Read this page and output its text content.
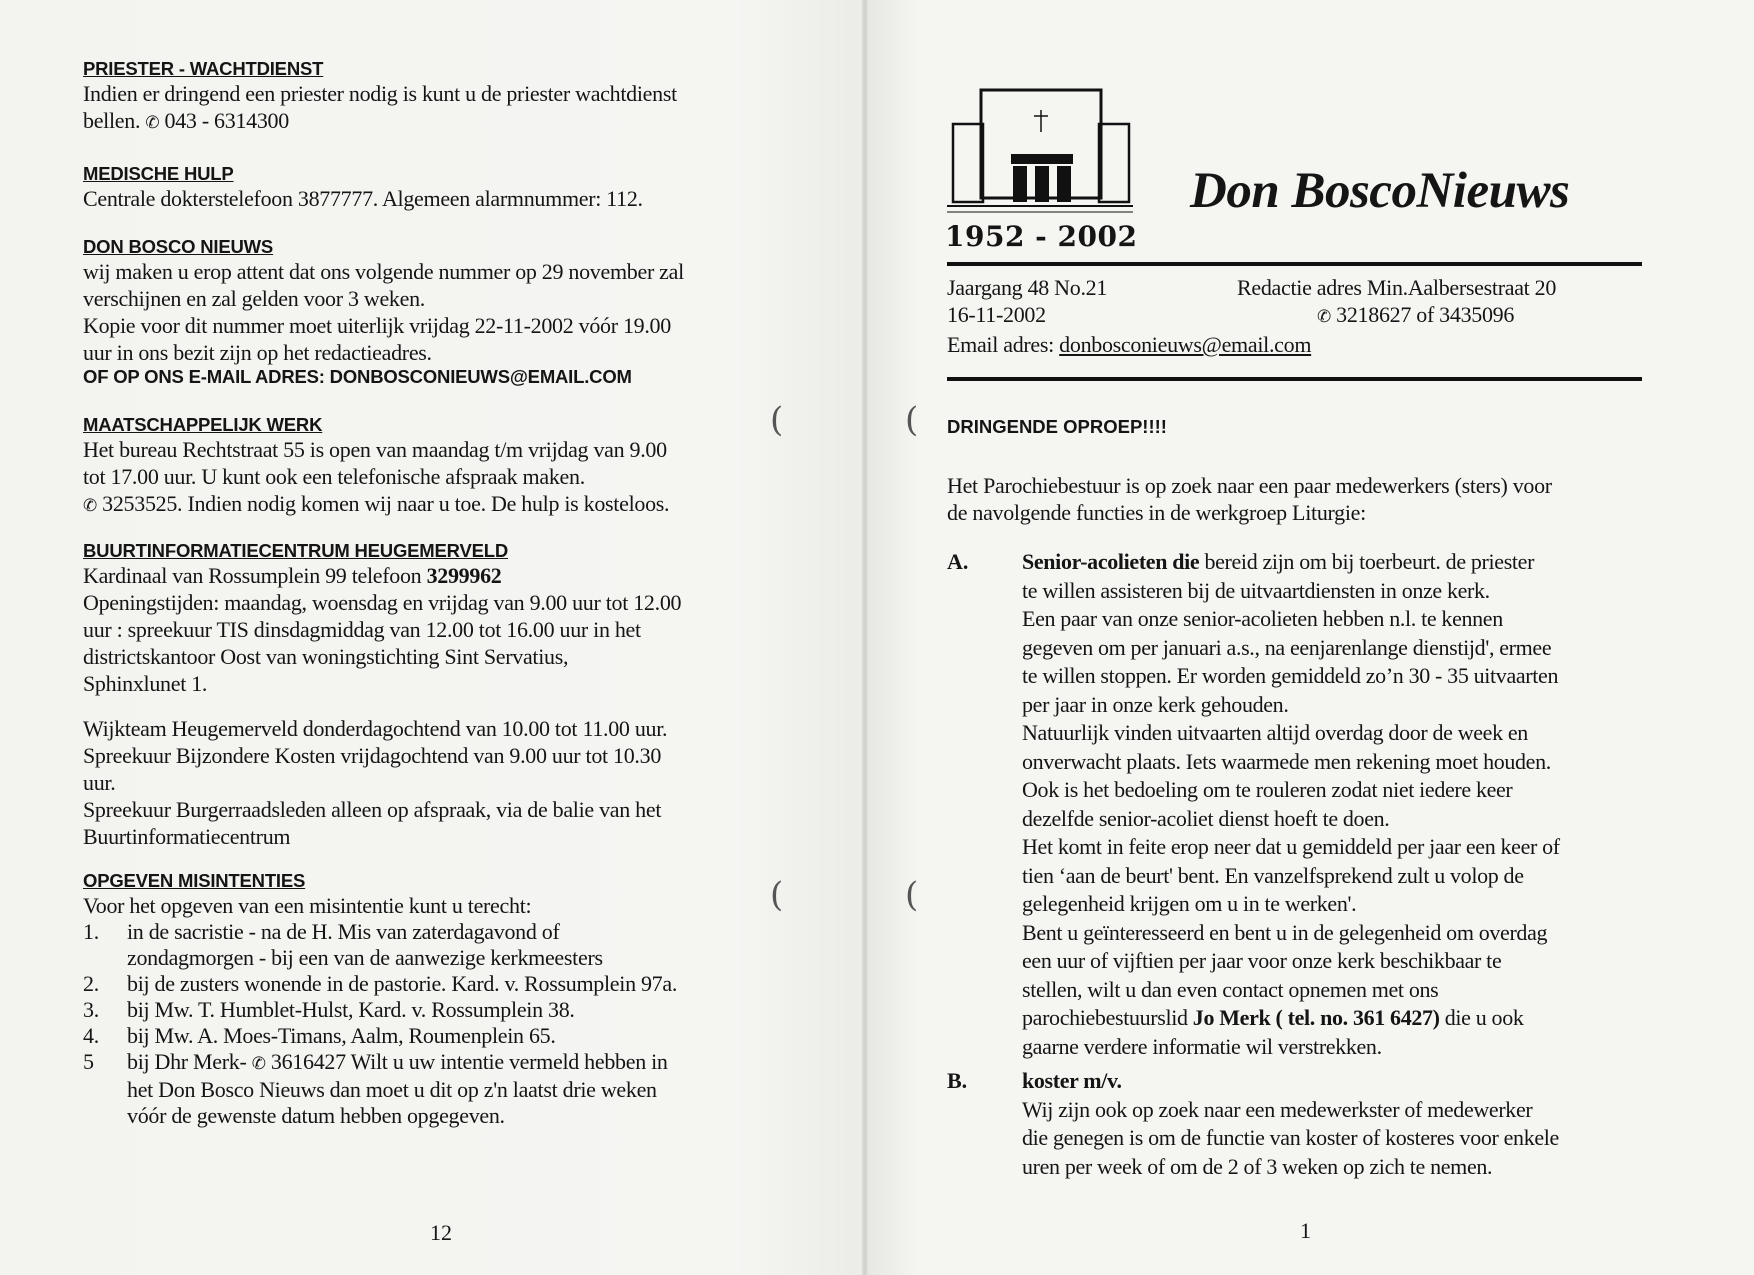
(
(
(
(
PRIESTER - WACHTDIENST
Indien er dringend een priester nodig is kunt u de priester wachtdienst
bellen. ✆ 043 - 6314300
MEDISCHE HULP
Centrale dokterstelefoon 3877777. Algemeen alarmnummer: 112.
DON BOSCO NIEUWS
wij maken u erop attent dat ons volgende nummer op 29 november zal
verschijnen en zal gelden voor 3 weken.
Kopie voor dit nummer moet uiterlijk vrijdag 22-11-2002 vóór 19.00
uur in ons bezit zijn op het redactieadres.
OF OP ONS E-MAIL ADRES: DONBOSCONIEUWS@EMAIL.COM
MAATSCHAPPELIJK WERK
Het bureau Rechtstraat 55 is open van maandag t/m vrijdag van 9.00
tot 17.00 uur. U kunt ook een telefonische afspraak maken.
✆ 3253525. Indien nodig komen wij naar u toe. De hulp is kosteloos.
BUURTINFORMATIECENTRUM HEUGEMERVELD
Kardinaal van Rossumplein 99 telefoon 3299962
Openingstijden: maandag, woensdag en vrijdag van 9.00 uur tot 12.00
uur : spreekuur TIS dinsdagmiddag van 12.00 tot 16.00 uur in het
districtskantoor Oost van woningstichting Sint Servatius,
Sphinxlunet 1.
Wijkteam Heugemerveld donderdagochtend van 10.00 tot 11.00 uur.
Spreekuur Bijzondere Kosten vrijdagochtend van 9.00 uur tot 10.30
uur.
Spreekuur Burgerraadsleden alleen op afspraak, via de balie van het
Buurtinformatiecentrum
OPGEVEN MISINTENTIES
Voor het opgeven van een misintentie kunt u terecht:
1.	in de sacristie - na de H. Mis van zaterdagavond of
zondagmorgen - bij een van de aanwezige kerkmeesters
2.	bij de zusters wonende in de pastorie. Kard. v. Rossumplein 97a.
3.	bij Mw. T. Humblet-Hulst, Kard. v. Rossumplein 38.
4.	bij Mw. A. Moes-Timans, Aalm, Roumenplein 65.
5	bij Dhr Merk- ✆ 3616427 Wilt u uw intentie vermeld hebben in
het Don Bosco Nieuws dan moet u dit op z'n laatst drie weken
vóór de gewenste datum hebben opgegeven.
12
1952 - 2002
Don BoscoNieuws
Jaargang 48 No.21	Redactie adres Min.Aalbersestraat 20
16-11-2002	✆ 3218627 of 3435096
Email adres: donbosconieuws@email.com
DRINGENDE OPROEP!!!!
Het Parochiebestuur is op zoek naar een paar medewerkers (sters) voor
de navolgende functies in de werkgroep Liturgie:
A.	Senior-acolieten die bereid zijn om bij toerbeurt. de priester
te willen assisteren bij de uitvaartdiensten in onze kerk.
Een paar van onze senior-acolieten hebben n.l. te kennen
gegeven om per januari a.s., na eenjarenlange dienstijd', ermee
te willen stoppen. Er worden gemiddeld zo’n 30 - 35 uitvaarten
per jaar in onze kerk gehouden.
Natuurlijk vinden uitvaarten altijd overdag door de week en
onverwacht plaats. Iets waarmede men rekening moet houden.
Ook is het bedoeling om te rouleren zodat niet iedere keer
dezelfde senior-acoliet dienst hoeft te doen.
Het komt in feite erop neer dat u gemiddeld per jaar een keer of
tien ‘aan de beurt' bent. En vanzelfsprekend zult u volop de
gelegenheid krijgen om u in te werken'.
Bent u geïnteresseerd en bent u in de gelegenheid om overdag
een uur of vijftien per jaar voor onze kerk beschikbaar te
stellen, wilt u dan even contact opnemen met ons
parochiebestuurslid Jo Merk ( tel. no. 361 6427) die u ook
gaarne verdere informatie wil verstrekken.
B.	koster m/v.
Wij zijn ook op zoek naar een medewerkster of medewerker
die genegen is om de functie van koster of kosteres voor enkele
uren per week of om de 2 of 3 weken op zich te nemen.
1
